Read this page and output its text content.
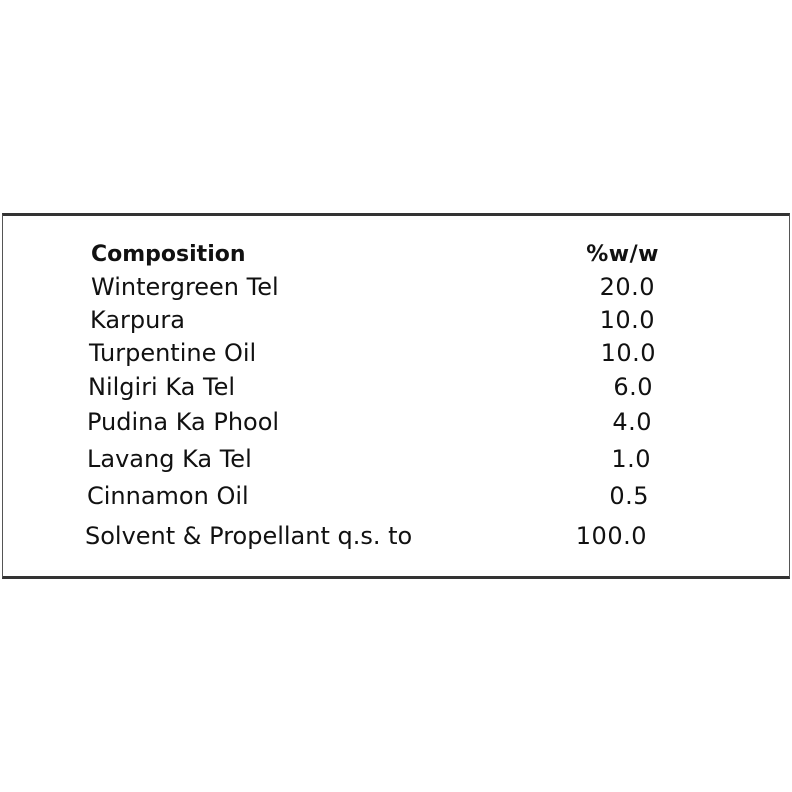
Composition	%w/w
Wintergreen Tel	20.0
Karpura	10.0
Turpentine Oil	10.0
Nilgiri Ka Tel	6.0
Pudina Ka Phool	4.0
Lavang Ka Tel	1.0
Cinnamon Oil	0.5
Solvent & Propellant q.s. to	100.0
